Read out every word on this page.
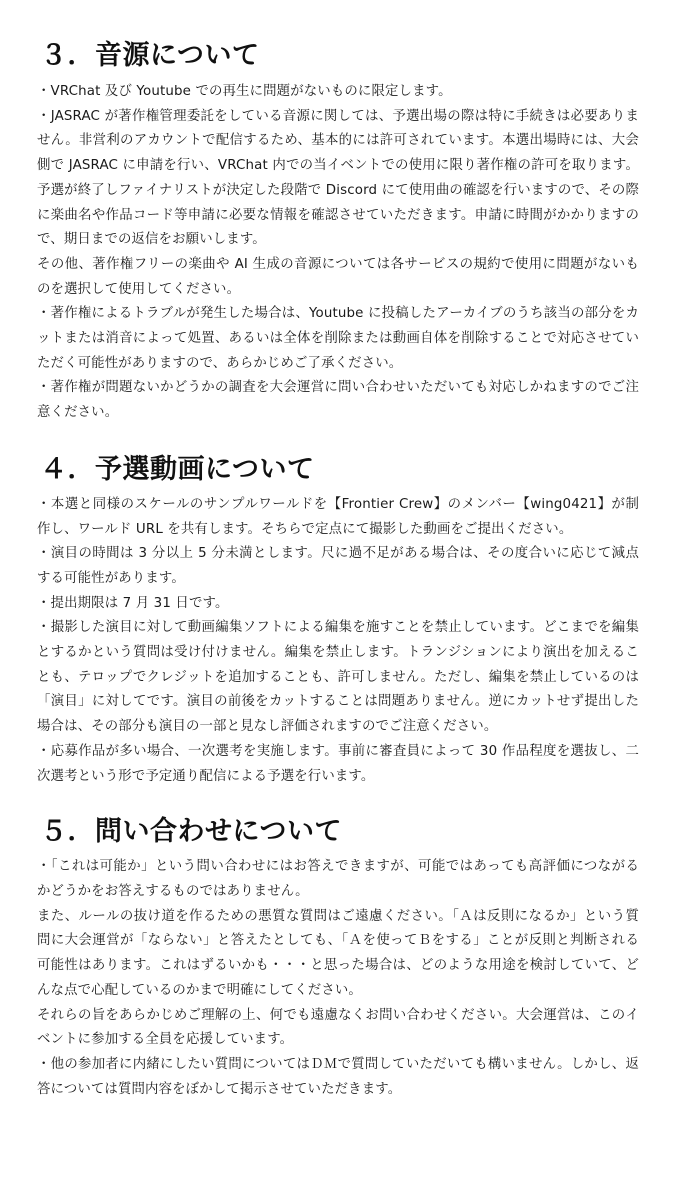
３．音源について

・VRChat 及び Youtube での再生に問題がないものに限定します。

・JASRAC が著作権管理委託をしている音源に関しては、予選出場の際は特に手続きは必要ありません。非営利のアカウントで配信するため、基本的には許可されています。本選出場時には、大会側で JASRAC に申請を行い、VRChat 内での当イベントでの使用に限り著作権の許可を取ります。予選が終了しファイナリストが決定した段階で Discord にて使用曲の確認を行いますので、その際に楽曲名や作品コード等申請に必要な情報を確認させていただきます。申請に時間がかかりますので、期日までの返信をお願いします。

その他、著作権フリーの楽曲や AI 生成の音源については各サービスの規約で使用に問題がないものを選択して使用してください。

・著作権によるトラブルが発生した場合は、Youtube に投稿したアーカイブのうち該当の部分をカットまたは消音によって処置、あるいは全体を削除または動画自体を削除することで対応させていただく可能性がありますので、あらかじめご了承ください。

・著作権が問題ないかどうかの調査を大会運営に問い合わせいただいても対応しかねますのでご注意ください。

４．予選動画について

・本選と同様のスケールのサンプルワールドを【Frontier Crew】のメンバー【wing0421】が制作し、ワールド URL を共有します。そちらで定点にて撮影した動画をご提出ください。

・演目の時間は 3 分以上 5 分未満とします。尺に過不足がある場合は、その度合いに応じて減点する可能性があります。

・提出期限は 7 月 31 日です。

・撮影した演目に対して動画編集ソフトによる編集を施すことを禁止しています。どこまでを編集とするかという質問は受け付けません。編集を禁止します。トランジションにより演出を加えることも、テロップでクレジットを追加することも、許可しません。ただし、編集を禁止しているのは「演目」に対してです。演目の前後をカットすることは問題ありません。逆にカットせず提出した場合は、その部分も演目の一部と見なし評価されますのでご注意ください。

・応募作品が多い場合、一次選考を実施します。事前に審査員によって 30 作品程度を選抜し、二次選考という形で予定通り配信による予選を行います。

５．問い合わせについて

・「これは可能か」という問い合わせにはお答えできますが、可能ではあっても高評価につながるかどうかをお答えするものではありません。

また、ルールの抜け道を作るための悪質な質問はご遠慮ください。「Ａは反則になるか」という質問に大会運営が「ならない」と答えたとしても、「Ａを使ってＢをする」ことが反則と判断される可能性はあります。これはずるいかも・・・と思った場合は、どのような用途を検討していて、どんな点で心配しているのかまで明確にしてください。

それらの旨をあらかじめご理解の上、何でも遠慮なくお問い合わせください。大会運営は、このイベントに参加する全員を応援しています。

・他の参加者に内緒にしたい質問についてはＤＭで質問していただいても構いません。しかし、返答については質問内容をぼかして掲示させていただきます。
